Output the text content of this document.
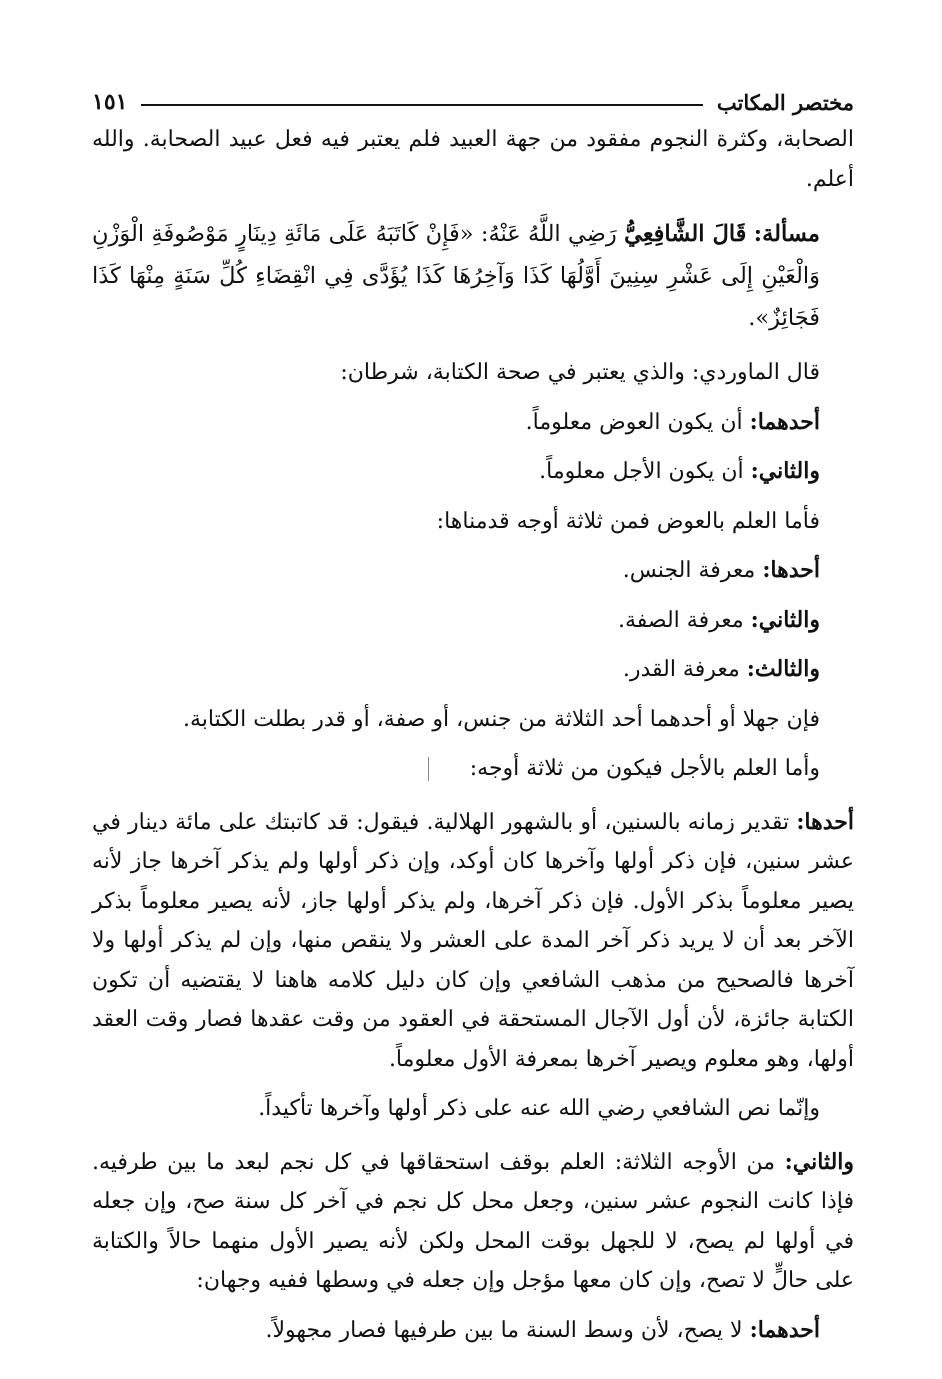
مختصر المكاتب
١٥١

الصحابة، وكثرة النجوم مفقود من جهة العبيد فلم يعتبر فيه فعل عبيد الصحابة. والله أعلم.

مسألة: قَالَ الشَّافِعِيُّ رَضِي اللَّهُ عَنْهُ: «فَإِنْ كَاتَبَهُ عَلَى مَائَةِ دِينَارٍ مَوْصُوفَةِ الْوَزْنِ وَالْعَيْنِ إِلَى عَشْرِ سِنِينَ أَوَّلُهَا كَذَا وَآخِرُهَا كَذَا يُؤَدَّى فِي انْقِضَاءِ كُلِّ سَنَةٍ مِنْهَا كَذَا فَجَائِزٌ».

قال الماوردي: والذي يعتبر في صحة الكتابة، شرطان:

أحدهما: أن يكون العوض معلوماً.

والثاني: أن يكون الأجل معلوماً.

فأما العلم بالعوض فمن ثلاثة أوجه قدمناها:

أحدها: معرفة الجنس.

والثاني: معرفة الصفة.

والثالث: معرفة القدر.

فإن جهلا أو أحدهما أحد الثلاثة من جنس، أو صفة، أو قدر بطلت الكتابة.

وأما العلم بالأجل فيكون من ثلاثة أوجه:

أحدها: تقدير زمانه بالسنين، أو بالشهور الهلالية. فيقول: قد كاتبتك على مائة دينار في عشر سنين، فإن ذكر أولها وآخرها كان أوكد، وإن ذكر أولها ولم يذكر آخرها جاز لأنه يصير معلوماً بذكر الأول. فإن ذكر آخرها، ولم يذكر أولها جاز، لأنه يصير معلوماً بذكر الآخر بعد أن لا يريد ذكر آخر المدة على العشر ولا ينقص منها، وإن لم يذكر أولها ولا آخرها فالصحيح من مذهب الشافعي وإن كان دليل كلامه هاهنا لا يقتضيه أن تكون الكتابة جائزة، لأن أول الآجال المستحقة في العقود من وقت عقدها فصار وقت العقد أولها، وهو معلوم ويصير آخرها بمعرفة الأول معلوماً.

وإنّما نص الشافعي رضي الله عنه على ذكر أولها وآخرها تأكيداً.

والثاني: من الأوجه الثلاثة: العلم بوقف استحقاقها في كل نجم لبعد ما بين طرفيه. فإذا كانت النجوم عشر سنين، وجعل محل كل نجم في آخر كل سنة صح، وإن جعله في أولها لم يصح، لا للجهل بوقت المحل ولكن لأنه يصير الأول منهما حالاً والكتابة على حالٍّ لا تصح، وإن كان معها مؤجل وإن جعله في وسطها ففيه وجهان:

أحدهما: لا يصح، لأن وسط السنة ما بين طرفيها فصار مجهولاً.
